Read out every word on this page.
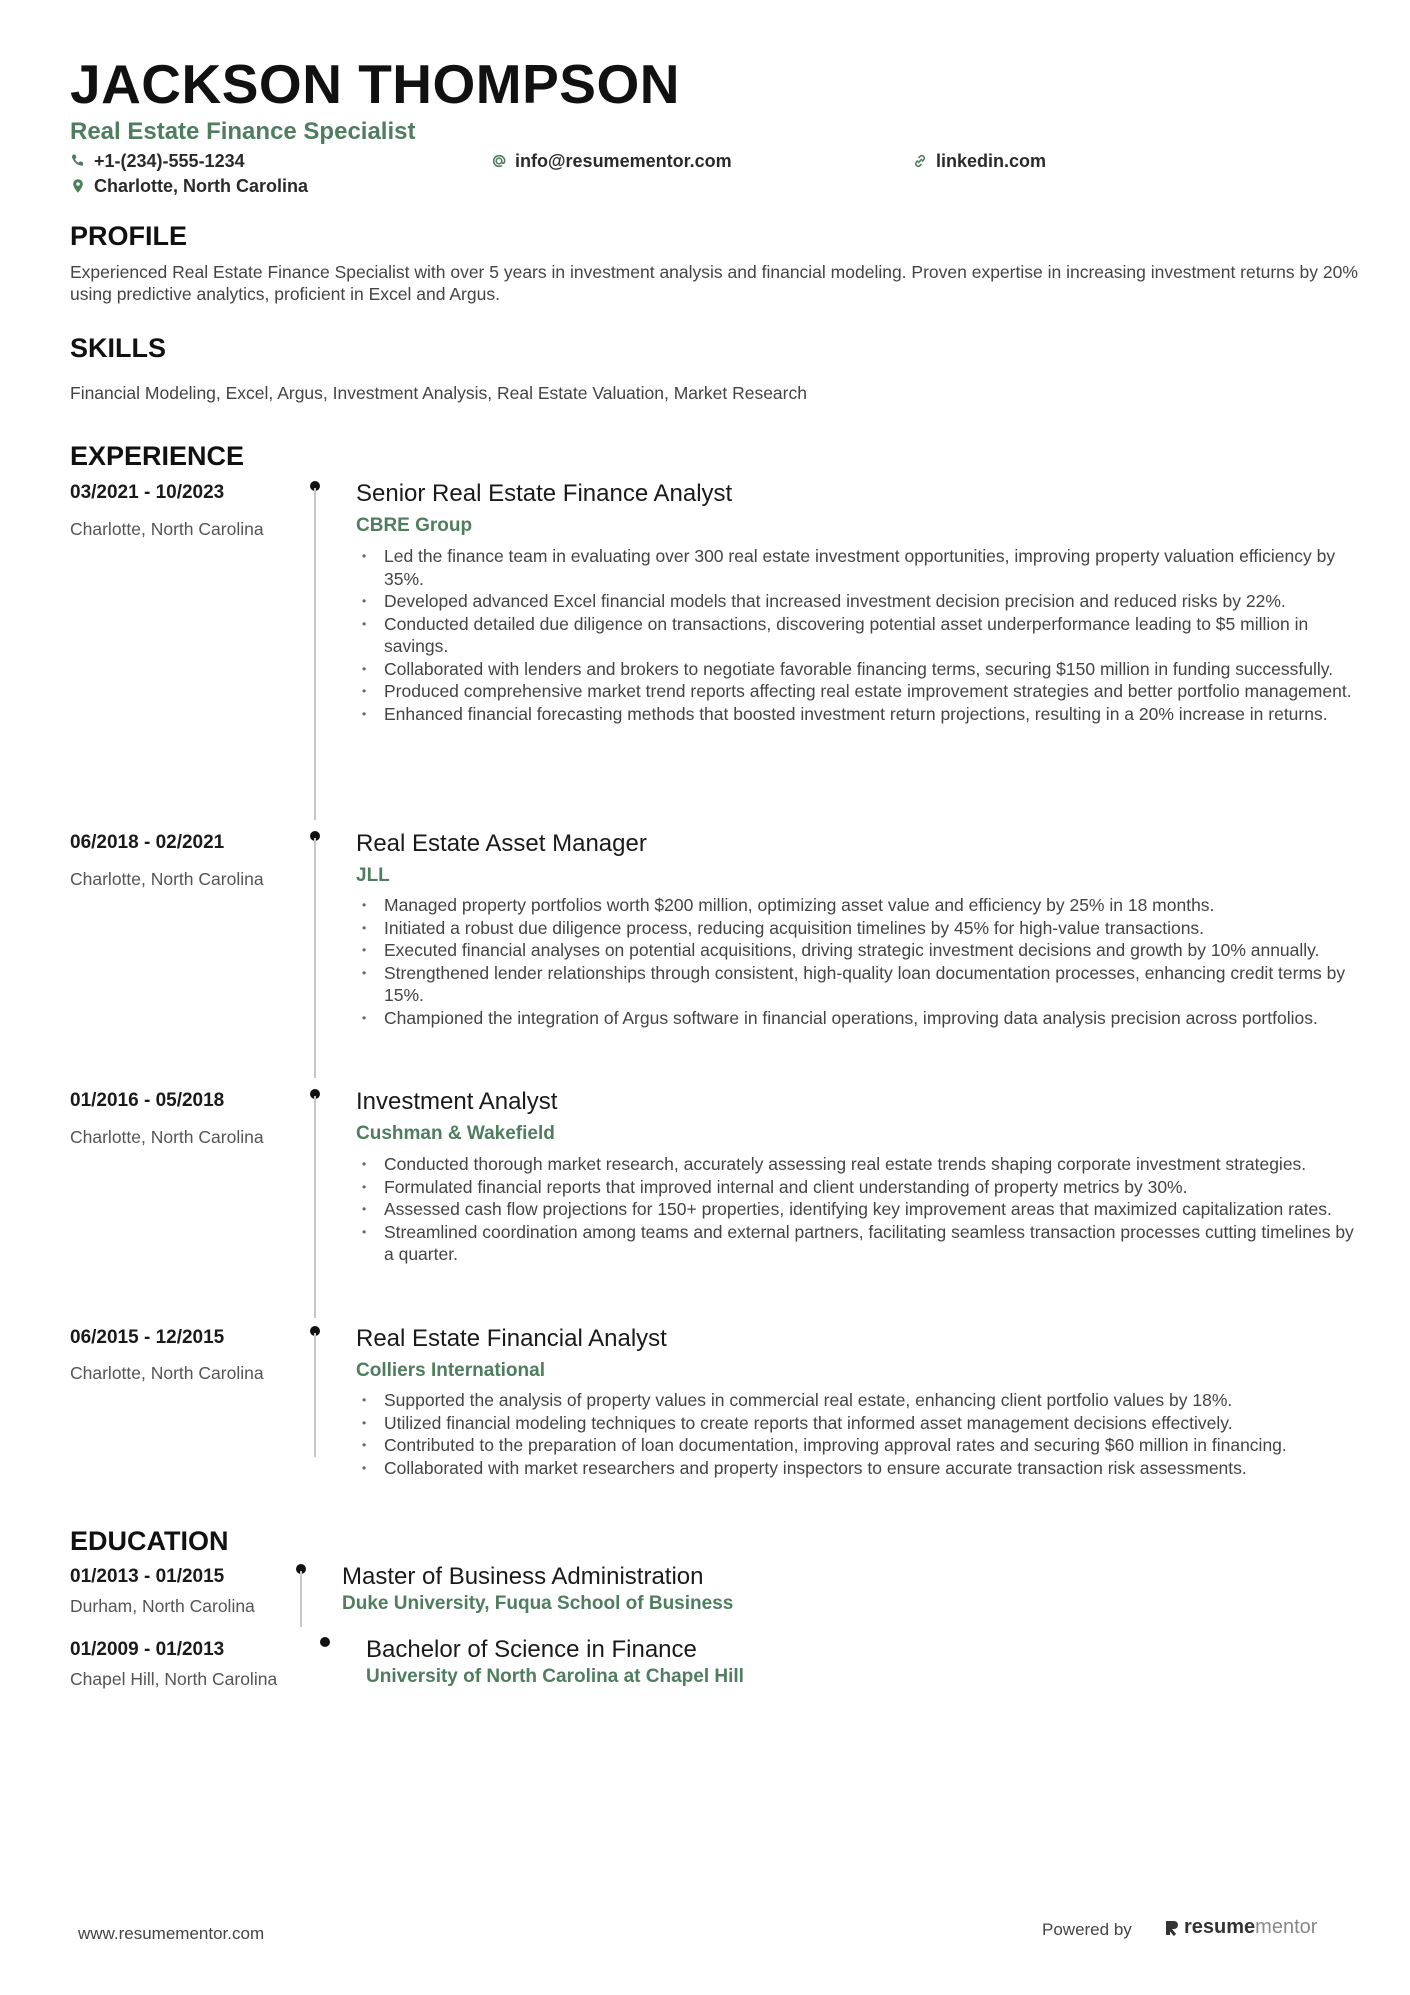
JACKSON THOMPSON
Real Estate Finance Specialist
+1-(234)-555-1234	info@resumementor.com	linkedin.com
Charlotte, North Carolina
PROFILE
Experienced Real Estate Finance Specialist with over 5 years in investment analysis and financial modeling. Proven expertise in increasing investment returns by 20% using predictive analytics, proficient in Excel and Argus.
SKILLS
Financial Modeling, Excel, Argus, Investment Analysis, Real Estate Valuation, Market Research
EXPERIENCE
03/2021 - 10/2023
Charlotte, North Carolina
Senior Real Estate Finance Analyst
CBRE Group
• Led the finance team in evaluating over 300 real estate investment opportunities, improving property valuation efficiency by 35%.
• Developed advanced Excel financial models that increased investment decision precision and reduced risks by 22%.
• Conducted detailed due diligence on transactions, discovering potential asset underperformance leading to $5 million in savings.
• Collaborated with lenders and brokers to negotiate favorable financing terms, securing $150 million in funding successfully.
• Produced comprehensive market trend reports affecting real estate improvement strategies and better portfolio management.
• Enhanced financial forecasting methods that boosted investment return projections, resulting in a 20% increase in returns.
06/2018 - 02/2021
Charlotte, North Carolina
Real Estate Asset Manager
JLL
• Managed property portfolios worth $200 million, optimizing asset value and efficiency by 25% in 18 months.
• Initiated a robust due diligence process, reducing acquisition timelines by 45% for high-value transactions.
• Executed financial analyses on potential acquisitions, driving strategic investment decisions and growth by 10% annually.
• Strengthened lender relationships through consistent, high-quality loan documentation processes, enhancing credit terms by 15%.
• Championed the integration of Argus software in financial operations, improving data analysis precision across portfolios.
01/2016 - 05/2018
Charlotte, North Carolina
Investment Analyst
Cushman & Wakefield
• Conducted thorough market research, accurately assessing real estate trends shaping corporate investment strategies.
• Formulated financial reports that improved internal and client understanding of property metrics by 30%.
• Assessed cash flow projections for 150+ properties, identifying key improvement areas that maximized capitalization rates.
• Streamlined coordination among teams and external partners, facilitating seamless transaction processes cutting timelines by a quarter.
06/2015 - 12/2015
Charlotte, North Carolina
Real Estate Financial Analyst
Colliers International
• Supported the analysis of property values in commercial real estate, enhancing client portfolio values by 18%.
• Utilized financial modeling techniques to create reports that informed asset management decisions effectively.
• Contributed to the preparation of loan documentation, improving approval rates and securing $60 million in financing.
• Collaborated with market researchers and property inspectors to ensure accurate transaction risk assessments.
EDUCATION
01/2013 - 01/2015
Durham, North Carolina
Master of Business Administration
Duke University, Fuqua School of Business
01/2009 - 01/2013
Chapel Hill, North Carolina
Bachelor of Science in Finance
University of North Carolina at Chapel Hill
www.resumementor.com	Powered by	resume mentor
